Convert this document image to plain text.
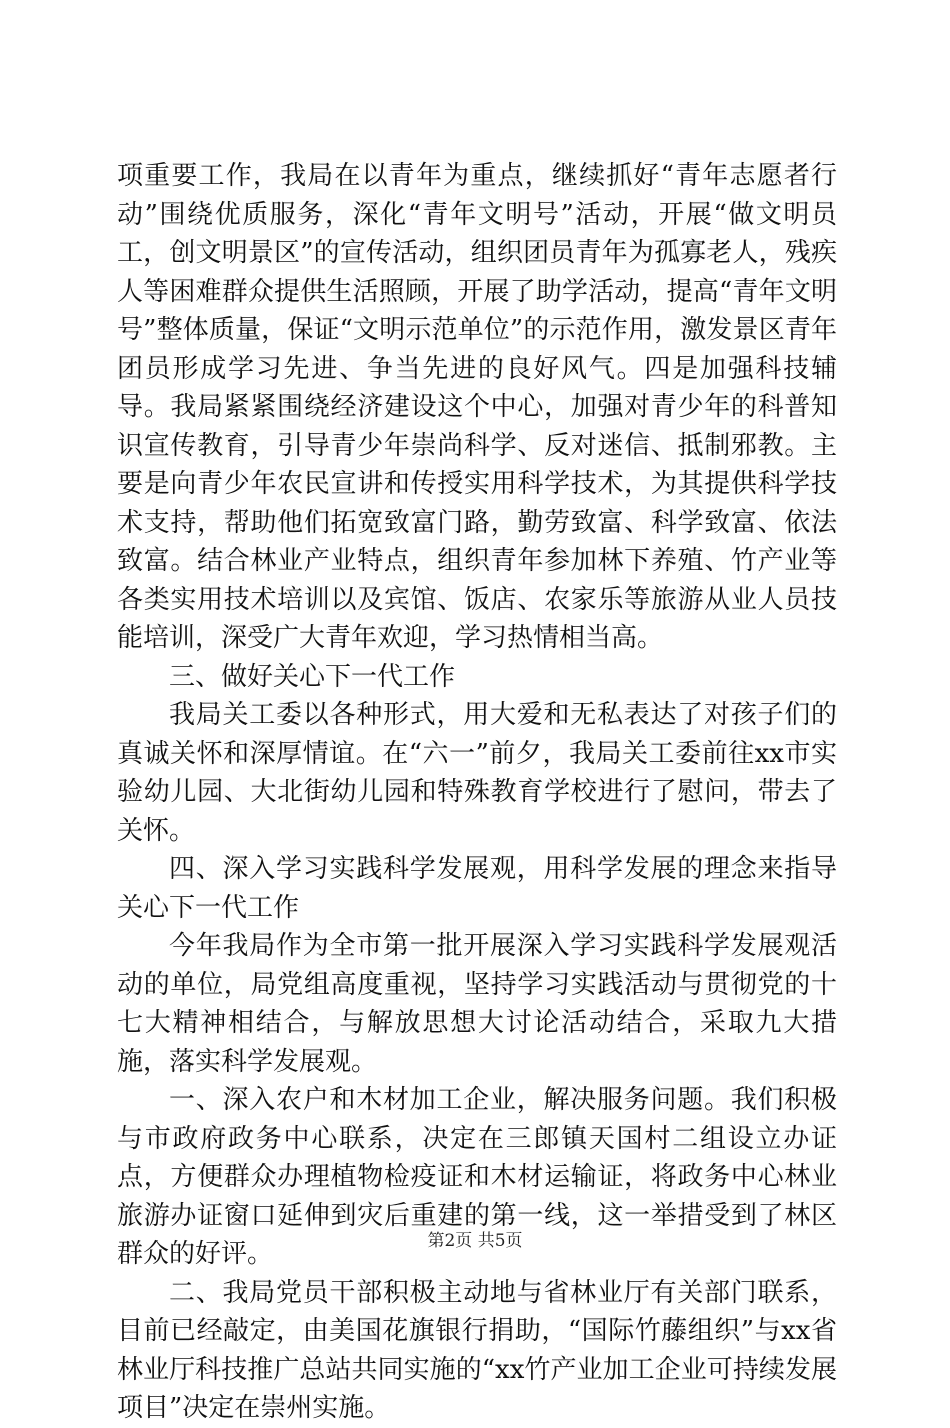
项重要工作，我局在以青年为重点，继续抓好“青年志愿者行动”围绕优质服务，深化“青年文明号”活动，开展“做文明员工，创文明景区”的宣传活动，组织团员青年为孤寡老人，残疾人等困难群众提供生活照顾，开展了助学活动，提高“青年文明号”整体质量，保证“文明示范单位”的示范作用，激发景区青年团员形成学习先进、争当先进的良好风气。四是加强科技辅导。我局紧紧围绕经济建设这个中心，加强对青少年的科普知识宣传教育，引导青少年崇尚科学、反对迷信、抵制邪教。主要是向青少年农民宣讲和传授实用科学技术，为其提供科学技术支持，帮助他们拓宽致富门路，勤劳致富、科学致富、依法致富。结合林业产业特点，组织青年参加林下养殖、竹产业等各类实用技术培训以及宾馆、饭店、农家乐等旅游从业人员技能培训，深受广大青年欢迎，学习热情相当高。

三、做好关心下一代工作

我局关工委以各种形式，用大爱和无私表达了对孩子们的真诚关怀和深厚情谊。在“六一”前夕，我局关工委前往xx市实验幼儿园、大北街幼儿园和特殊教育学校进行了慰问，带去了关怀。

四、深入学习实践科学发展观，用科学发展的理念来指导关心下一代工作

今年我局作为全市第一批开展深入学习实践科学发展观活动的单位，局党组高度重视，坚持学习实践活动与贯彻党的十七大精神相结合，与解放思想大讨论活动结合，采取九大措施，落实科学发展观。

一、深入农户和木材加工企业，解决服务问题。我们积极与市政府政务中心联系，决定在三郎镇天国村二组设立办证点，方便群众办理植物检疫证和木材运输证，将政务中心林业旅游办证窗口延伸到灾后重建的第一线，这一举措受到了林区群众的好评。

二、我局党员干部积极主动地与省林业厅有关部门联系，目前已经敲定，由美国花旗银行捐助，“国际竹藤组织”与xx省林业厅科技推广总站共同实施的“xx竹产业加工企业可持续发展项目”决定在崇州实施。

第2页 共5页
